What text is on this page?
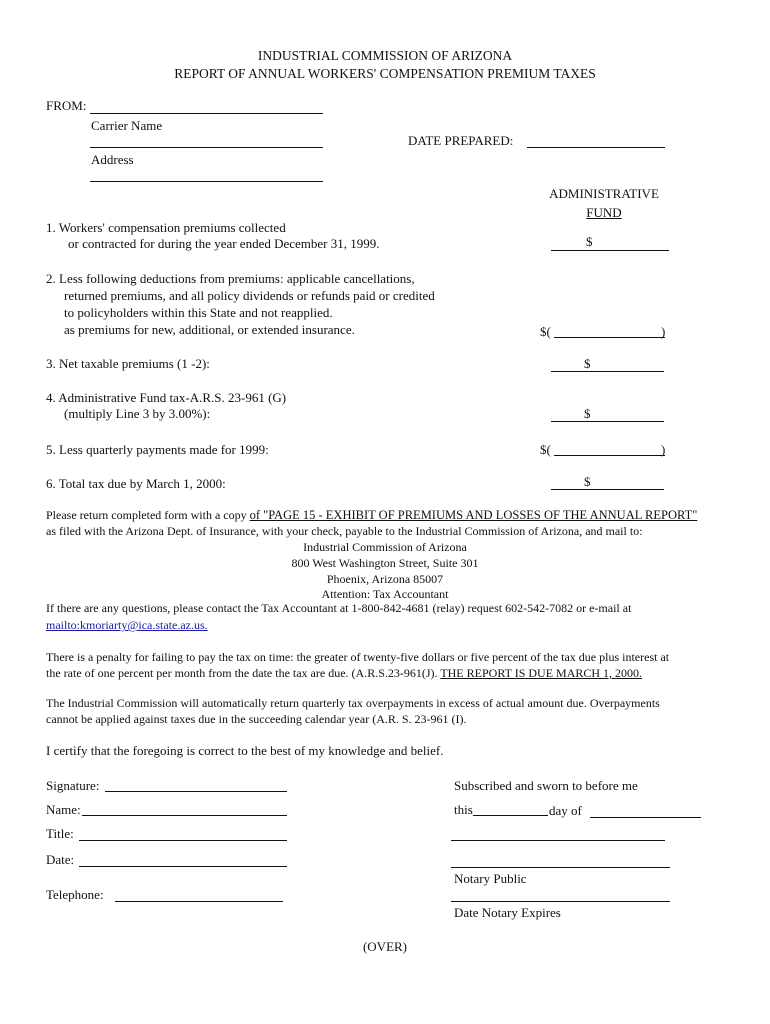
INDUSTRIAL COMMISSION OF ARIZONA
REPORT OF ANNUAL WORKERS' COMPENSATION PREMIUM TAXES
FROM:
Carrier Name
Address
DATE PREPARED:
ADMINISTRATIVE
FUND
1. Workers' compensation premiums collected
or contracted for during the year ended December 31, 1999.	$
2. Less following deductions from premiums: applicable cancellations,
returned premiums, and all policy dividends or refunds paid or credited
to policyholders within this State and not reapplied.
as premiums for new, additional, or extended insurance.	$(	)
3. Net taxable premiums (1 -2):	$
4. Administrative Fund tax-A.R.S. 23-961 (G)
(multiply Line 3 by 3.00%):	$
5. Less quarterly payments made for 1999:	$(	)
6. Total tax due by March 1, 2000:	$
Please return completed form with a copy of "PAGE 15 - EXHIBIT OF PREMIUMS AND LOSSES OF THE ANNUAL REPORT"
as filed with the Arizona Dept. of Insurance, with your check, payable to the Industrial Commission of Arizona, and mail to:
Industrial Commission of Arizona
800 West Washington Street, Suite 301
Phoenix, Arizona 85007
Attention: Tax Accountant
If there are any questions, please contact the Tax Accountant at 1-800-842-4681 (relay) request 602-542-7082 or e-mail at
mailto:kmoriarty@ica.state.az.us.
There is a penalty for failing to pay the tax on time: the greater of twenty-five dollars or five percent of the tax due plus interest at
the rate of one percent per month from the date the tax are due. (A.R.S.23-961(J). THE REPORT IS DUE MARCH 1, 2000.
The Industrial Commission will automatically return quarterly tax overpayments in excess of actual amount due. Overpayments
cannot be applied against taxes due in the succeeding calendar year (A.R. S. 23-961 (I).
I certify that the foregoing is correct to the best of my knowledge and belief.
Signature:
Name:
Title:
Date:
Telephone:
Subscribed and sworn to before me
this	day of
Notary Public
Date Notary Expires
(OVER)
